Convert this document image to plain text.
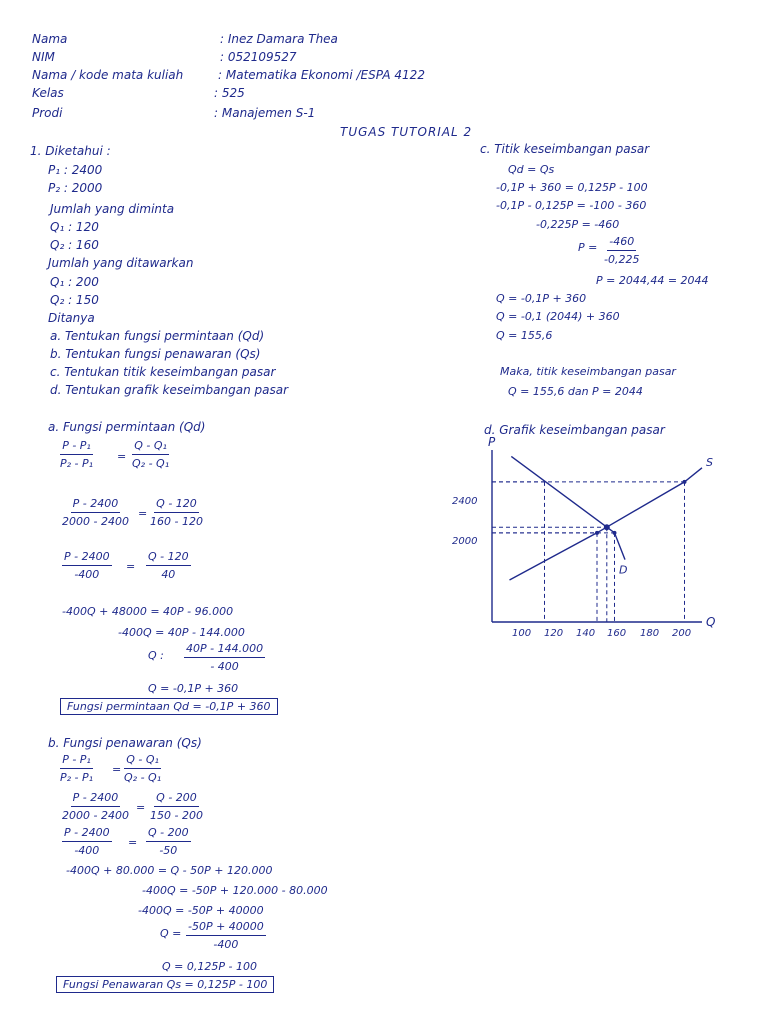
Nama	: Inez Damara Thea
NIM	: 052109527
Nama / kode mata kuliah	: Matematika Ekonomi /ESPA 4122
Kelas	: 525
Prodi	: Manajemen S-1
TUGAS TUTORIAL 2
1. Diketahui :
P₁ : 2400
P₂ : 2000
Jumlah yang diminta
Q₁ : 120
Q₂ : 160
Jumlah yang ditawarkan
Q₁ : 200
Q₂ : 150
Ditanya
a. Tentukan fungsi permintaan (Qd)
b. Tentukan fungsi penawaran (Qs)
c. Tentukan titik keseimbangan pasar
d. Tentukan grafik keseimbangan pasar
a. Fungsi permintaan (Qd)
$\frac{\text{P - P₁}}{\text{P₂ - P₁}} = \frac{\text{Q - Q₁}}{\text{Q₂ - Q₁}}$
$\frac{P - 2400}{2000 - 2400} = \frac{Q - 120}{160 - 120}$
$\frac{P - 2400}{-400} = \frac{Q - 120}{40}$
-400Q + 48000 = 40P - 96.000
-400Q = 40P - 144.000
Q : $\frac{40P - 144.000}{- 400}$
Q = -0,1P + 360
Fungsi permintaan Qd = -0,1P + 360
b. Fungsi penawaran (Qs)
$\frac{\text{P - P₁}}{\text{P₂ - P₁}} = \frac{\text{Q - Q₁}}{\text{Q₂ - Q₁}}$
$\frac{P - 2400}{2000 - 2400} = \frac{Q - 200}{150 - 200}$
$\frac{P - 2400}{-400} = \frac{Q - 200}{-50}$
-400Q + 80.000 = Q - 50P + 120.000
-400Q = -50P + 120.000 - 80.000
-400Q = -50P + 40000
$Q = \frac{-50P + 40000}{-400}$
Q = 0,125P - 100
Fungsi Penawaran Qs = 0,125P - 100
c. Titik keseimbangan pasar
Qd = Qs
-0,1P + 360 = 0,125P - 100
-0,1P - 0,125P = -100 - 360
-0,225P = -460
$P = \frac{-460}{-0,225}$
P = 2044,44 = 2044
Q = -0,1P + 360
Q = -0,1 (2044) + 360
Q = 155,6
Maka, titik keseimbangan pasar
Q = 155,6 dan P = 2044
d. Grafik keseimbangan pasar
P
Q
2400
2000
100 120 140 160 180 200
S
D
